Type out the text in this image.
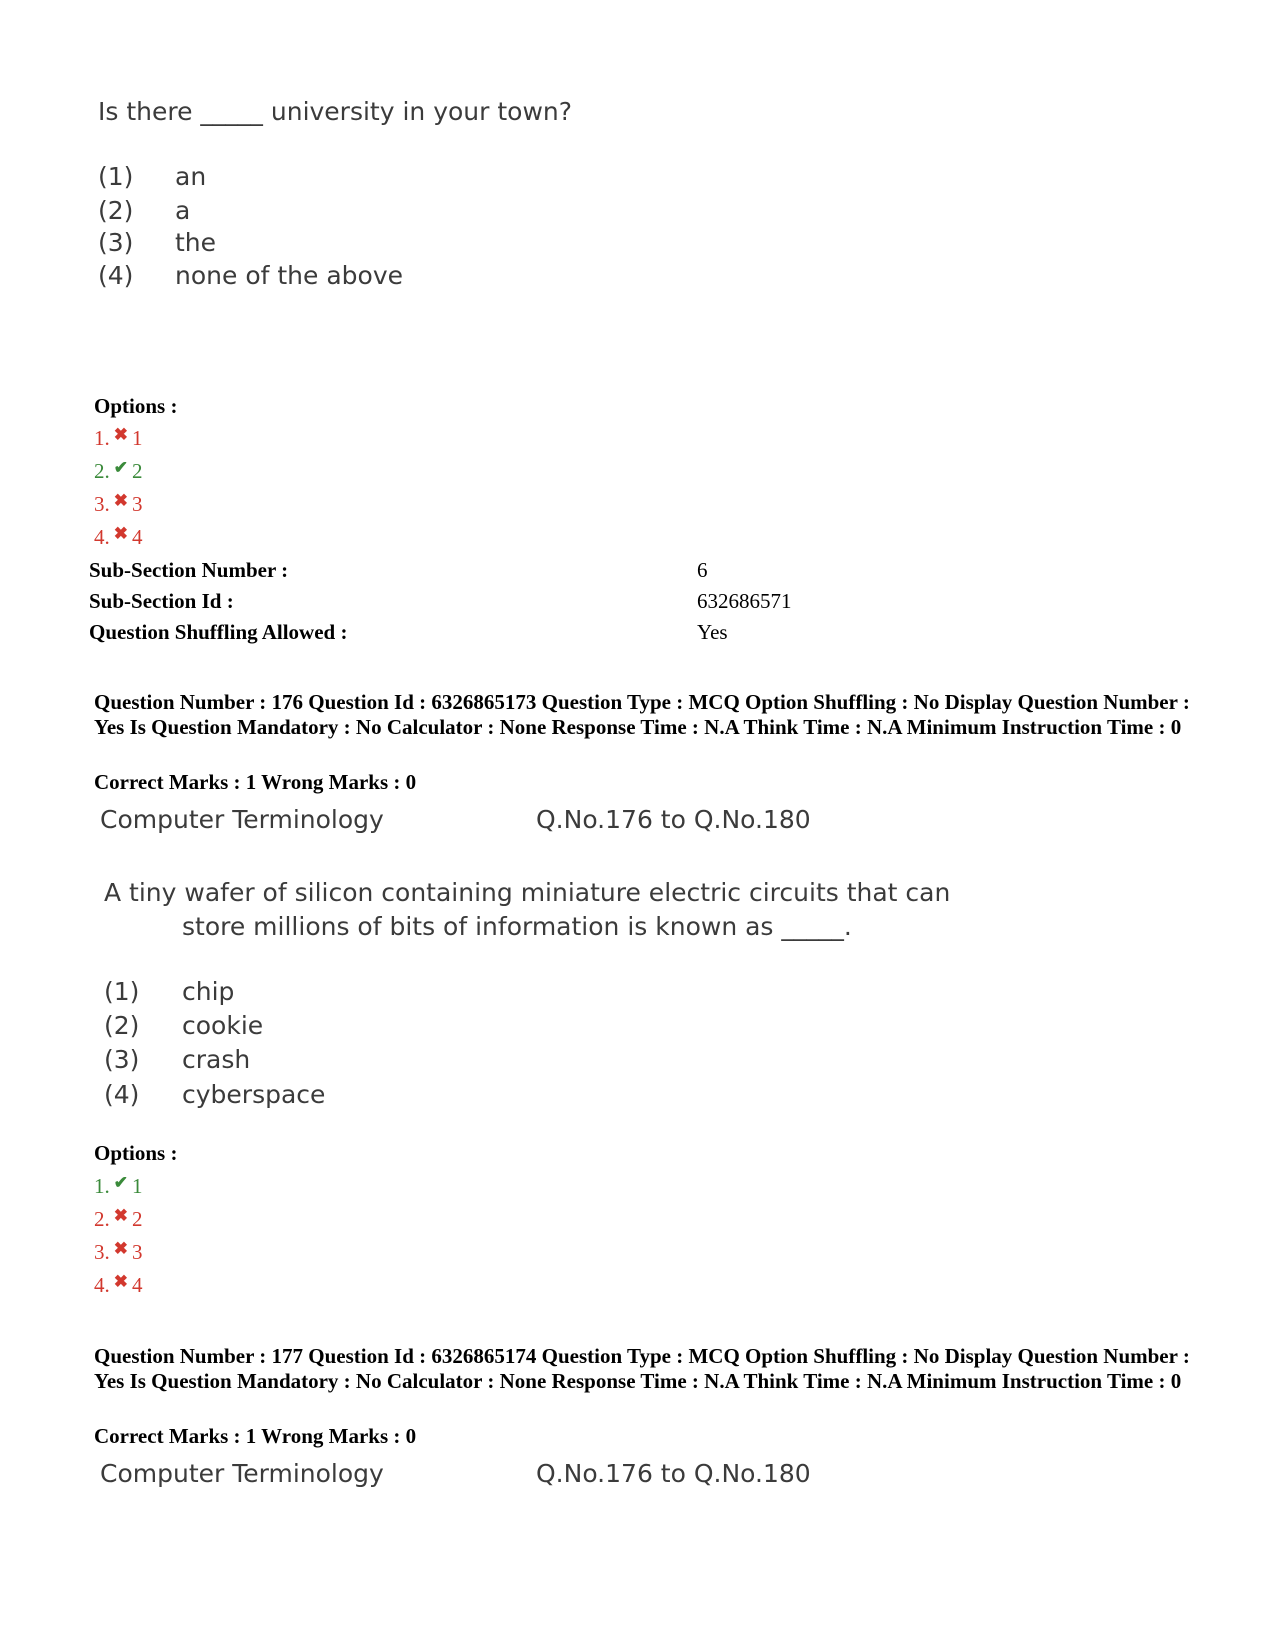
Is there _____ university in your town?
(1) an
(2) a
(3) the
(4) none of the above
Options :
1. ✖ 1
2. ✔ 2
3. ✖ 3
4. ✖ 4
Sub-Section Number :	6
Sub-Section Id :	632686571
Question Shuffling Allowed :	Yes
Question Number : 176 Question Id : 6326865173 Question Type : MCQ Option Shuffling : No Display Question Number : Yes Is Question Mandatory : No Calculator : None Response Time : N.A Think Time : N.A Minimum Instruction Time : 0
Correct Marks : 1 Wrong Marks : 0
Computer Terminology	Q.No.176 to Q.No.180
A tiny wafer of silicon containing miniature electric circuits that can
store millions of bits of information is known as _____.
(1) chip
(2) cookie
(3) crash
(4) cyberspace
Options :
1. ✔ 1
2. ✖ 2
3. ✖ 3
4. ✖ 4
Question Number : 177 Question Id : 6326865174 Question Type : MCQ Option Shuffling : No Display Question Number : Yes Is Question Mandatory : No Calculator : None Response Time : N.A Think Time : N.A Minimum Instruction Time : 0
Correct Marks : 1 Wrong Marks : 0
Computer Terminology	Q.No.176 to Q.No.180
